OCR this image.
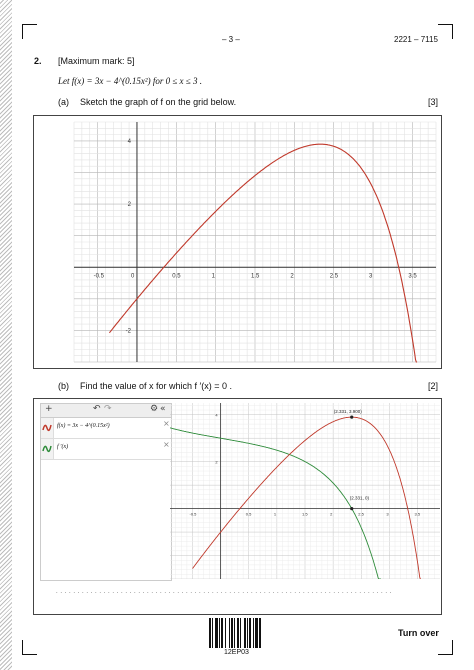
– 3 –	2221 – 7115
2. [Maximum mark: 5]
Let f(x) = 3x − 4^(0.15x²) for 0 ≤ x ≤ 3 .
(a) Sketch the graph of f on the grid below.	[3]
-0.5	0	0.5	1	1.5	2	2.5	3	3.5
4
2
-2
(b) Find the value of x for which f ′(x) = 0 .	[2]
+	↶ ↷	⚙ «
f(x) = 3x − 4^(0.15x²)	×
f ′(x)	×
-0.5	0.5	1	1.5	2	2.5	3	3.5
4
2
(2.331, 3.900)
(2.331, 0)
. . . . . . . . . . . . . . . . . . . . . . . . . . . . . . . . . . . . . . . . . . . . . . . . . . . . . . . . . . . . . . . . . . . . . . . . . . . . . .
12EP03
Turn over
